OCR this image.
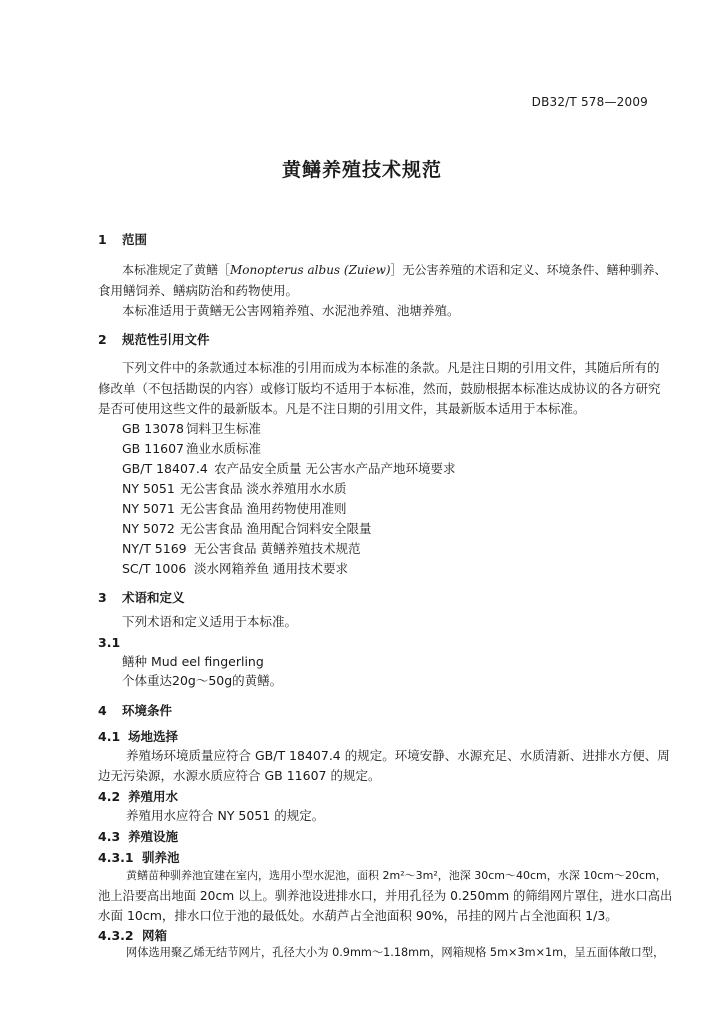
DB32/T 578—2009
黄鳝养殖技术规范
1 范围
本标准规定了黄鳝［Monopterus albus (Zuiew)］无公害养殖的术语和定义、环境条件、鳝种驯养、
食用鳝饲养、鳝病防治和药物使用。
本标准适用于黄鳝无公害网箱养殖、水泥池养殖、池塘养殖。
2 规范性引用文件
下列文件中的条款通过本标准的引用而成为本标准的条款。凡是注日期的引用文件，其随后所有的
修改单（不包括勘误的内容）或修订版均不适用于本标准，然而，鼓励根据本标准达成协议的各方研究
是否可使用这些文件的最新版本。凡是不注日期的引用文件，其最新版本适用于本标准。
GB 13078 饲料卫生标准
GB 11607 渔业水质标准
GB/T 18407.4 农产品安全质量 无公害水产品产地环境要求
NY 5051 无公害食品 淡水养殖用水水质
NY 5071 无公害食品 渔用药物使用准则
NY 5072 无公害食品 渔用配合饲料安全限量
NY/T 5169 无公害食品 黄鳝养殖技术规范
SC/T 1006 淡水网箱养鱼 通用技术要求
3 术语和定义
下列术语和定义适用于本标准。
3.1
鳝种 Mud eel fingerling
个体重达20g～50g的黄鳝。
4 环境条件
4.1 场地选择
养殖场环境质量应符合 GB/T 18407.4 的规定。环境安静、水源充足、水质清新、进排水方便、周
边无污染源，水源水质应符合 GB 11607 的规定。
4.2 养殖用水
养殖用水应符合 NY 5051 的规定。
4.3 养殖设施
4.3.1 驯养池
黄鳝苗种驯养池宜建在室内，选用小型水泥池，面积 2m²～3m²，池深 30cm～40cm，水深 10cm～20cm，
池上沿要高出地面 20cm 以上。驯养池设进排水口，并用孔径为 0.250mm 的筛绢网片罩住，进水口高出
水面 10cm，排水口位于池的最低处。水葫芦占全池面积 90%，吊挂的网片占全池面积 1/3。
4.3.2 网箱
网体选用聚乙烯无结节网片，孔径大小为 0.9mm～1.18mm，网箱规格 5m×3m×1m，呈五面体敞口型，
